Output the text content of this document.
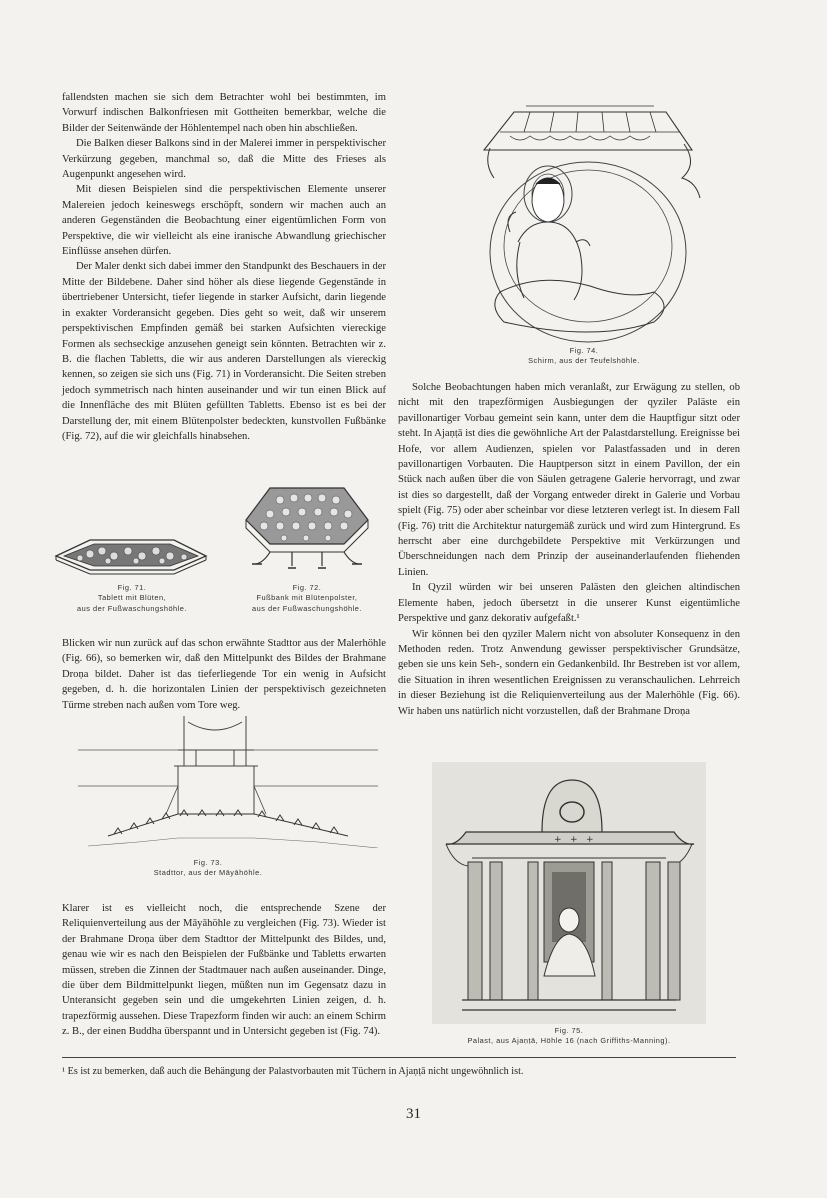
fallendsten machen sie sich dem Betrachter wohl bei bestimmten, im Vorwurf indischen Balkonfriesen mit Gottheiten bemerkbar, welche die Bilder der Seitenwände der Höhlentempel nach oben hin abschließen.

Die Balken dieser Balkons sind in der Malerei immer in perspektivischer Verkürzung gegeben, manchmal so, daß die Mitte des Frieses als Augenpunkt angesehen wird.

Mit diesen Beispielen sind die perspektivischen Elemente unserer Malereien jedoch keineswegs erschöpft, sondern wir machen auch an anderen Gegenständen die Beobachtung einer eigentümlichen Form von Perspektive, die wir vielleicht als eine iranische Abwandlung griechischer Einflüsse ansehen dürfen.

Der Maler denkt sich dabei immer den Standpunkt des Beschauers in der Mitte der Bildebene. Daher sind höher als diese liegende Gegenstände in übertriebener Untersicht, tiefer liegende in starker Aufsicht, darin liegende in exakter Vorderansicht gegeben. Dies geht so weit, daß wir unserem perspektivischen Empfinden gemäß bei starken Aufsichten viereckige Formen als sechseckige anzusehen geneigt sein könnten. Betrachten wir z. B. die flachen Tabletts, die wir aus anderen Darstellungen als viereckig kennen, so zeigen sie sich uns (Fig. 71) in Vorderansicht. Die Seiten streben jedoch symmetrisch nach hinten auseinander und wir tun einen Blick auf die Innenfläche des mit Blüten gefüllten Tabletts. Ebenso ist es bei der Darstellung der, mit einem Blütenpolster bedeckten, kunstvollen Fußbänke (Fig. 72), auf die wir gleichfalls hinabsehen.

Fig. 71.
Tablett mit Blüten,
aus der Fußwaschungshöhle.
Fig. 72.
Fußbank mit Blütenpolster,
aus der Fußwaschungshöhle.

Blicken wir nun zurück auf das schon erwähnte Stadttor aus der Malerhöhle (Fig. 66), so bemerken wir, daß den Mittelpunkt des Bildes der Brahmane Droṇa bildet. Daher ist das tieferliegende Tor ein wenig in Aufsicht gegeben, d. h. die horizontalen Linien der perspektivisch gezeichneten Türme streben nach außen vom Tore weg.

Fig. 73.
Stadttor, aus der Māyāhöhle.

Klarer ist es vielleicht noch, die entsprechende Szene der Reliquienverteilung aus der Māyāhöhle zu vergleichen (Fig. 73). Wieder ist der Brahmane Droṇa über dem Stadttor der Mittelpunkt des Bildes, und, genau wie wir es nach den Beispielen der Fußbänke und Tabletts erwarten müssen, streben die Zinnen der Stadtmauer nach außen auseinander. Dinge, die über dem Bildmittelpunkt liegen, müßten nun im Gegensatz dazu in Unteransicht gegeben sein und die umgekehrten Linien zeigen, d. h. trapezförmig aussehen. Diese Trapezform finden wir auch: an einem Schirm z. B., der einen Buddha überspannt und in Untersicht gegeben ist (Fig. 74).

Fig. 74.
Schirm, aus der Teufelshöhle.

Solche Beobachtungen haben mich veranlaßt, zur Erwägung zu stellen, ob nicht mit den trapezförmigen Ausbiegungen der qyziler Paläste ein pavillonartiger Vorbau gemeint sein kann, unter dem die Hauptfigur sitzt oder steht. In Ajaṇṭā ist dies die gewöhnliche Art der Palastdarstellung. Ereignisse bei Hofe, vor allem Audienzen, spielen vor Palastfassaden und in deren pavillonartigen Vorbauten. Die Hauptperson sitzt in einem Pavillon, der ein Stück nach außen über die von Säulen getragene Galerie hervorragt, und zwar ist dies so dargestellt, daß der Vorgang entweder direkt in Galerie und Vorbau spielt (Fig. 75) oder aber scheinbar vor diese letzteren verlegt ist. In diesem Fall (Fig. 76) tritt die Architektur naturgemäß zurück und wird zum Hintergrund. Es herrscht aber eine durchgebildete Perspektive mit Verkürzungen und Überschneidungen nach dem Prinzip der auseinanderlaufenden fliehenden Linien.

In Qyzil würden wir bei unseren Palästen den gleichen altindischen Elemente haben, jedoch übersetzt in die unserer Kunst eigentümliche Perspektive und ganz dekorativ aufgefaßt.¹

Wir können bei den qyziler Malern nicht von absoluter Konsequenz in den Methoden reden. Trotz Anwendung gewisser perspektivischer Grundsätze, geben sie uns kein Seh-, sondern ein Gedankenbild. Ihr Bestreben ist vor allem, die Situation in ihren wesentlichen Ereignissen zu veranschaulichen. Lehrreich in dieser Beziehung ist die Reliquienverteilung aus der Malerhöhle (Fig. 66). Wir haben uns natürlich nicht vorzustellen, daß der Brahmane Droṇa

+ + +
Fig. 75.
Palast, aus Ajaṇṭā, Höhle 16 (nach Griffiths-Manning).
¹ Es ist zu bemerken, daß auch die Behängung der Palastvorbauten mit Tüchern in Ajaṇṭā nicht ungewöhnlich ist.
31
